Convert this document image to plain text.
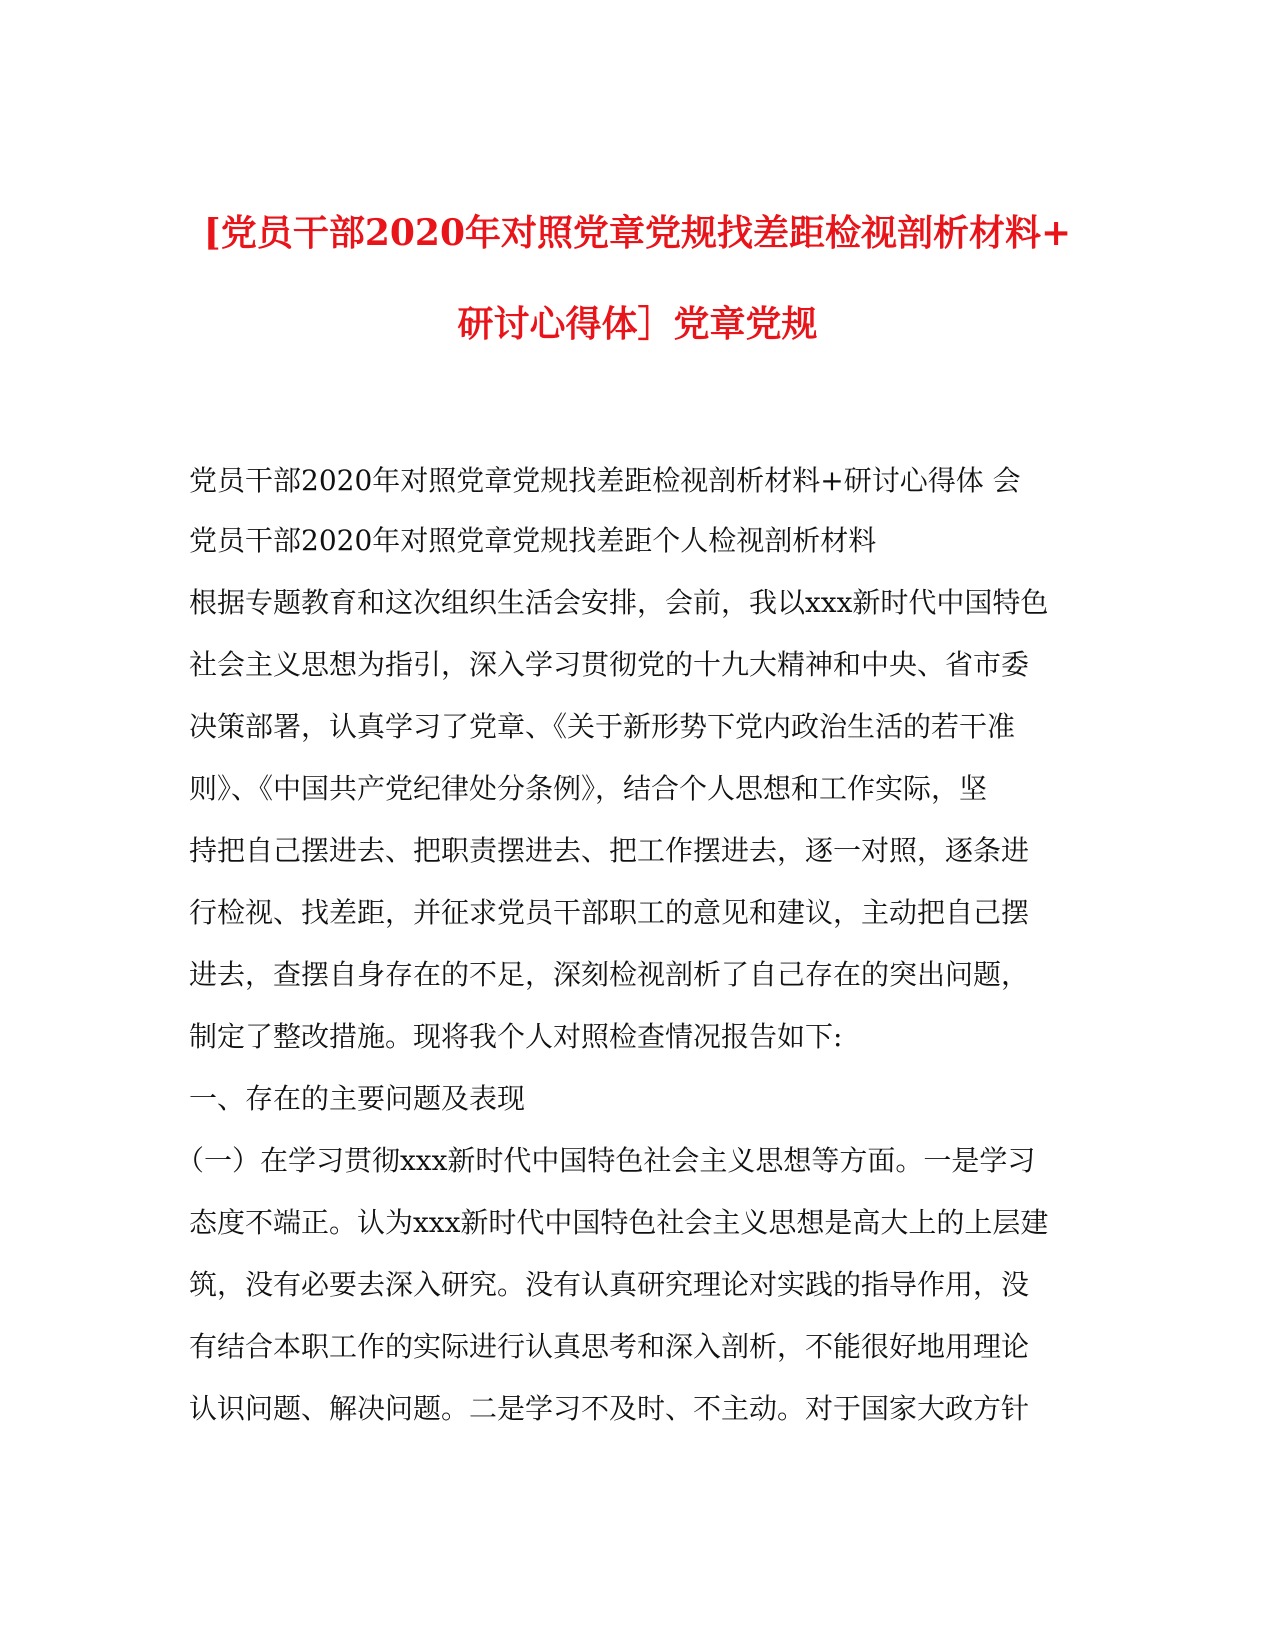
[党员干部2020年对照党章党规找差距检视剖析材料+
研讨心得体］党章党规
党员干部2020年对照党章党规找差距检视剖析材料+研讨心得体 会
党员干部2020年对照党章党规找差距个人检视剖析材料
根据专题教育和这次组织生活会安排，会前，我以xxx新时代中国特色
社会主义思想为指引，深入学习贯彻党的十九大精神和中央、省市委
决策部署，认真学习了党章、《关于新形势下党内政治生活的若干准
则》、《中国共产党纪律处分条例》，结合个人思想和工作实际，坚
持把自己摆进去、把职责摆进去、把工作摆进去，逐一对照，逐条进
行检视、找差距，并征求党员干部职工的意见和建议，主动把自己摆
进去，查摆自身存在的不足，深刻检视剖析了自己存在的突出问题，
制定了整改措施。现将我个人对照检查情况报告如下:
一、存在的主要问题及表现
（一）在学习贯彻xxx新时代中国特色社会主义思想等方面。一是学习
态度不端正。认为xxx新时代中国特色社会主义思想是高大上的上层建
筑，没有必要去深入研究。没有认真研究理论对实践的指导作用，没
有结合本职工作的实际进行认真思考和深入剖析，不能很好地用理论
认识问题、解决问题。二是学习不及时、不主动。对于国家大政方针
